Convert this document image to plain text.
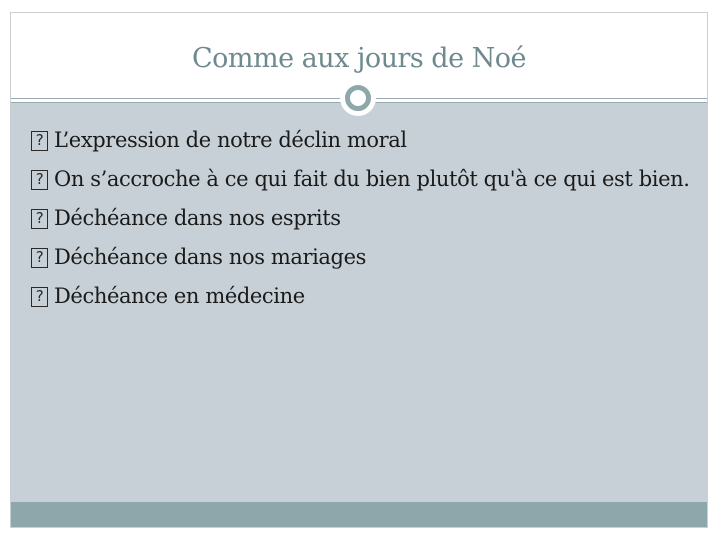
Comme aux jours de Noé
? L’expression de notre déclin moral
? On s’accroche à ce qui fait du bien plutôt qu'à ce qui est bien.
? Déchéance dans nos esprits
? Déchéance dans nos mariages
? Déchéance en médecine
